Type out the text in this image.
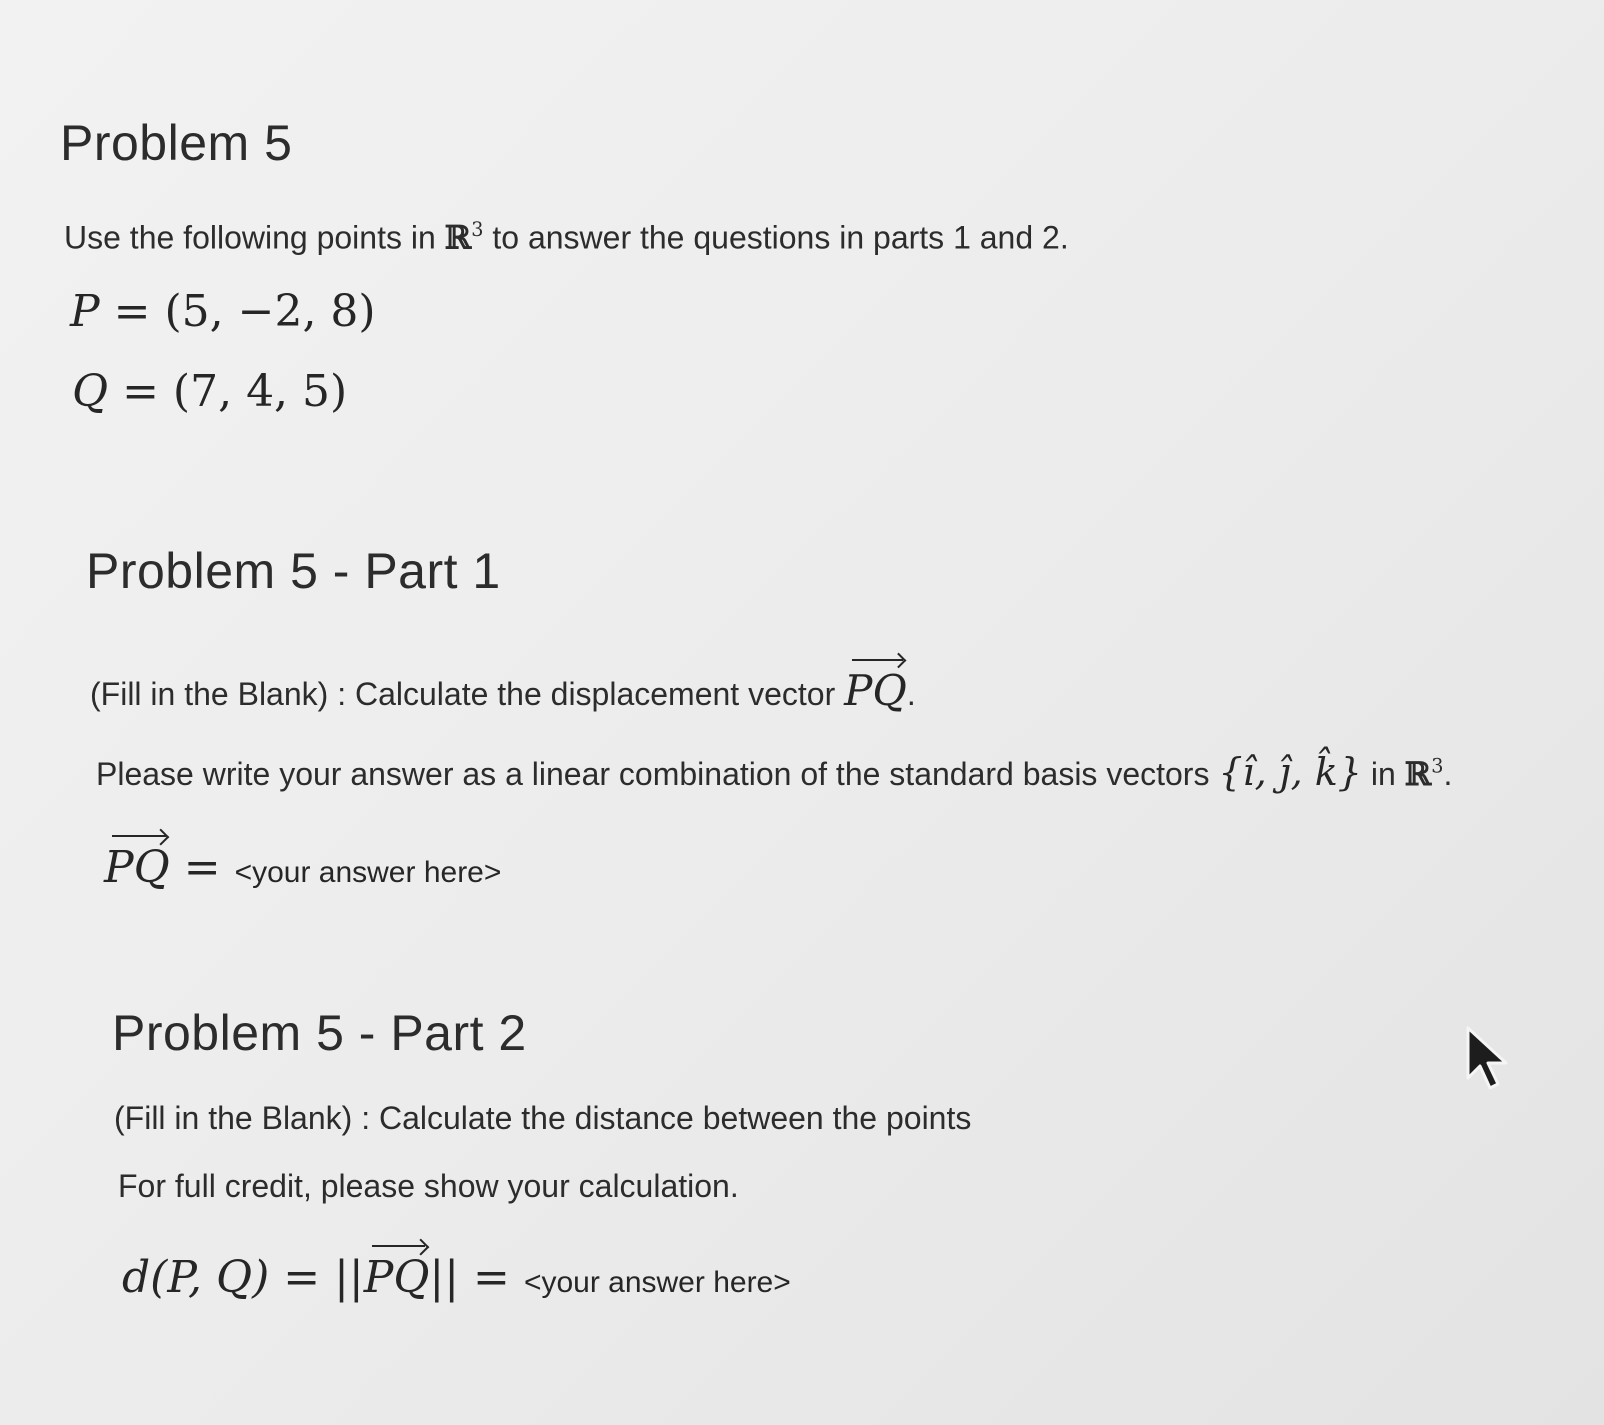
Problem 5
Use the following points in ℝ$^3$ to answer the questions in parts 1 and 2.
P = (5, −2, 8)
Q = (7, 4, 5)
Problem 5 - Part 1
(Fill in the Blank) : Calculate the displacement vector PQ.
Please write your answer as a linear combination of the standard basis vectors {î, ĵ, k̂} in ℝ$^3$.
PQ = <your answer here>
Problem 5 - Part 2
(Fill in the Blank) : Calculate the distance between the points
For full credit, please show your calculation.
d(P, Q) = ||PQ|| = <your answer here>
